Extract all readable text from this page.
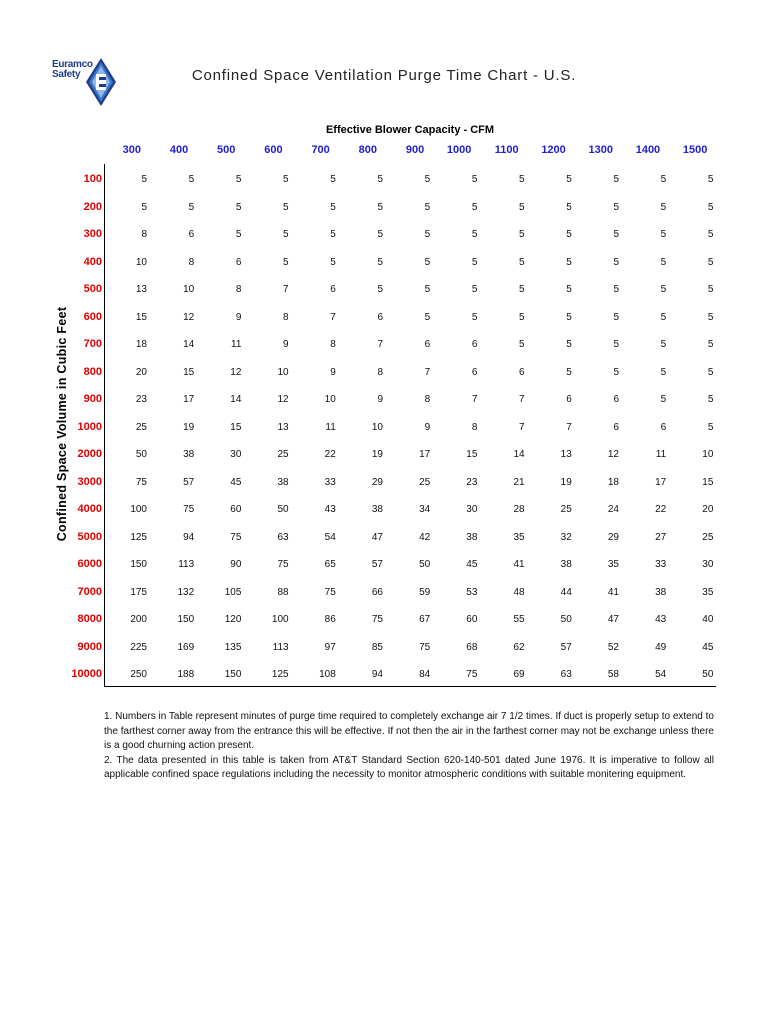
Euramco
Safety	Confined Space Ventilation Purge Time Chart - U.S.
Effective Blower Capacity - CFM
Confined Space Volume in Cubic Feet
300	400	500	600	700	800	900	1000	1100	1200	1300	1400	1500
100	5	5	5	5	5	5	5	5	5	5	5	5	5
200	5	5	5	5	5	5	5	5	5	5	5	5	5
300	8	6	5	5	5	5	5	5	5	5	5	5	5
400	10	8	6	5	5	5	5	5	5	5	5	5	5
500	13	10	8	7	6	5	5	5	5	5	5	5	5
600	15	12	9	8	7	6	5	5	5	5	5	5	5
700	18	14	11	9	8	7	6	6	5	5	5	5	5
800	20	15	12	10	9	8	7	6	6	5	5	5	5
900	23	17	14	12	10	9	8	7	7	6	6	5	5
1000	25	19	15	13	11	10	9	8	7	7	6	6	5
2000	50	38	30	25	22	19	17	15	14	13	12	11	10
3000	75	57	45	38	33	29	25	23	21	19	18	17	15
4000	100	75	60	50	43	38	34	30	28	25	24	22	20
5000	125	94	75	63	54	47	42	38	35	32	29	27	25
6000	150	113	90	75	65	57	50	45	41	38	35	33	30
7000	175	132	105	88	75	66	59	53	48	44	41	38	35
8000	200	150	120	100	86	75	67	60	55	50	47	43	40
9000	225	169	135	113	97	85	75	68	62	57	52	49	45
10000	250	188	150	125	108	94	84	75	69	63	58	54	50

1. Numbers in Table represent minutes of purge time required to completely exchange air 7 1/2 times. If duct is properly setup to extend to the farthest corner away from the entrance this will be effective. If not then the air in the farthest corner may not be exchange unless there is a good churning action present.

2. The data presented in this table is taken from AT&T Standard Section 620-140-501 dated June 1976. It is imperative to follow all applicable confined space regulations including the necessity to monitor atmospheric conditions with suitable monitering equipment.
